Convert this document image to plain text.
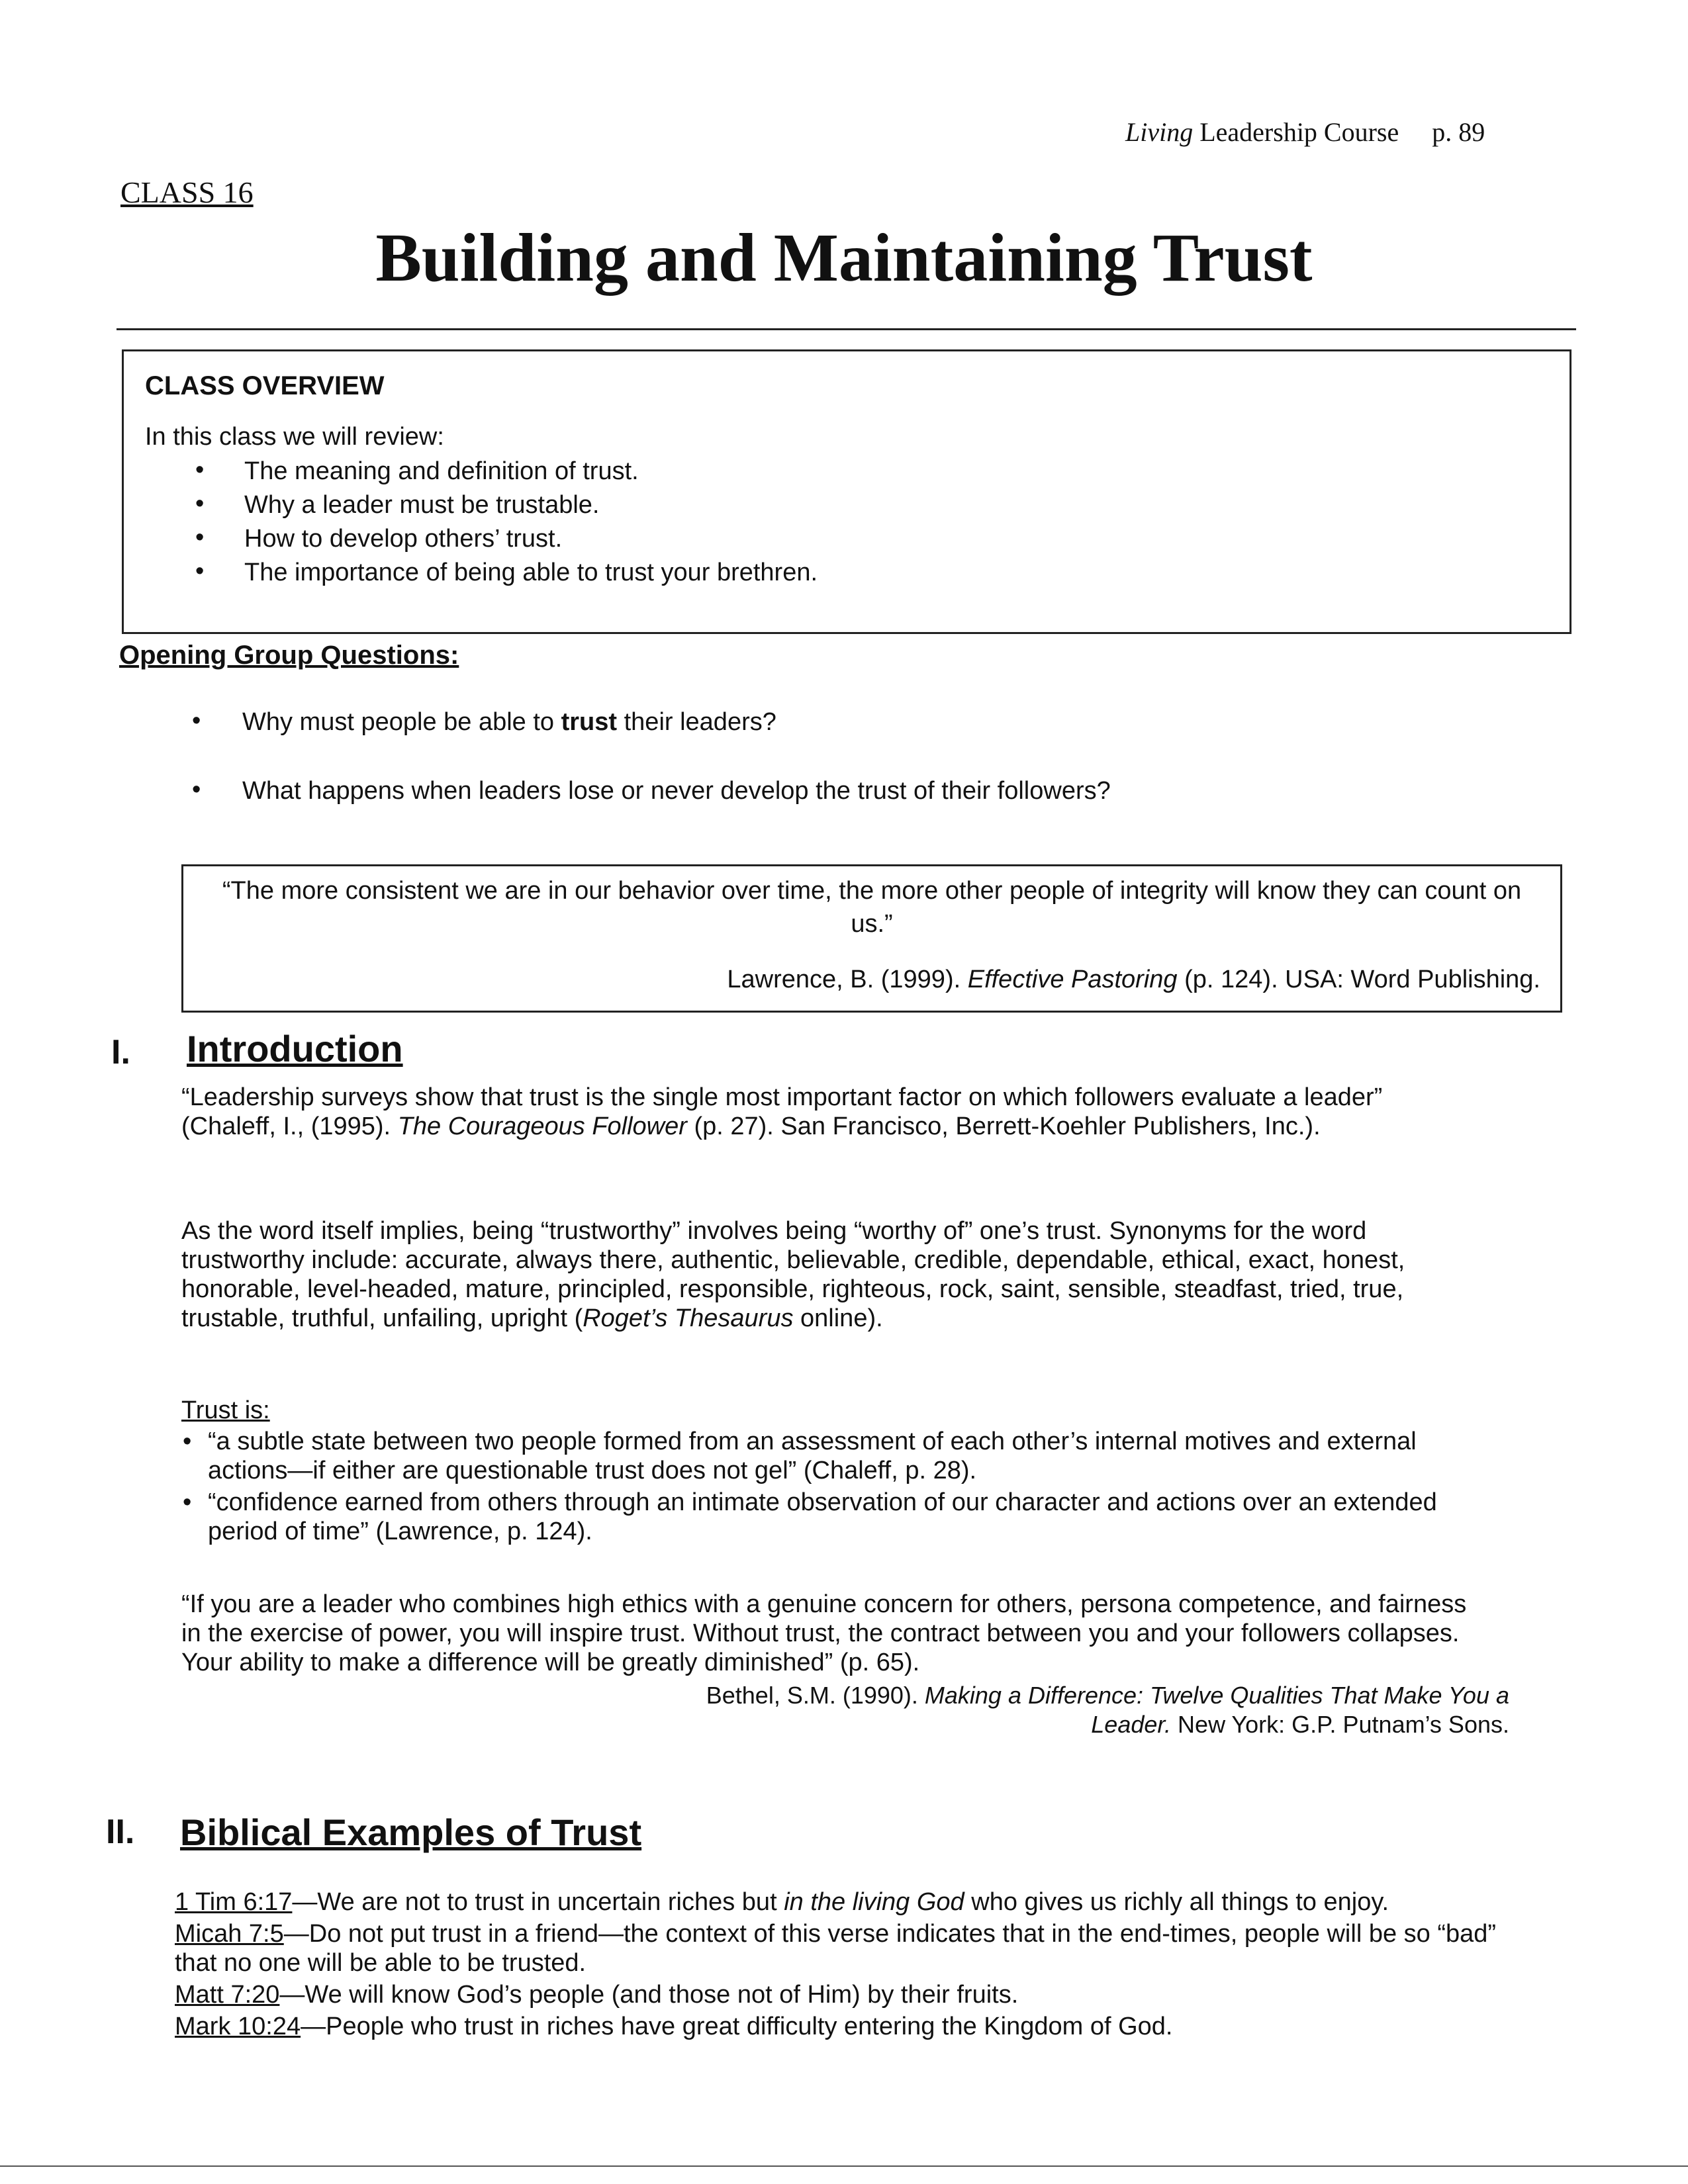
Living Leadership Course p. 89
CLASS 16
Building and Maintaining Trust
CLASS OVERVIEW
In this class we will review:
• The meaning and definition of trust.
• Why a leader must be trustable.
• How to develop others’ trust.
• The importance of being able to trust your brethren.
Opening Group Questions:
• Why must people be able to trust their leaders?
• What happens when leaders lose or never develop the trust of their followers?
“The more consistent we are in our behavior over time, the more other people of integrity will know they can count on us.”
Lawrence, B. (1999). Effective Pastoring (p. 124). USA: Word Publishing.
I. Introduction
“Leadership surveys show that trust is the single most important factor on which followers evaluate a leader” (Chaleff, I., (1995). The Courageous Follower (p. 27). San Francisco, Berrett-Koehler Publishers, Inc.).
As the word itself implies, being “trustworthy” involves being “worthy of” one’s trust. Synonyms for the word trustworthy include: accurate, always there, authentic, believable, credible, dependable, ethical, exact, honest, honorable, level-headed, mature, principled, responsible, righteous, rock, saint, sensible, steadfast, tried, true, trustable, truthful, unfailing, upright (Roget’s Thesaurus online).
Trust is:
• “a subtle state between two people formed from an assessment of each other’s internal motives and external actions—if either are questionable trust does not gel” (Chaleff, p. 28).
• “confidence earned from others through an intimate observation of our character and actions over an extended period of time” (Lawrence, p. 124).
“If you are a leader who combines high ethics with a genuine concern for others, persona competence, and fairness in the exercise of power, you will inspire trust. Without trust, the contract between you and your followers collapses. Your ability to make a difference will be greatly diminished” (p. 65).
Bethel, S.M. (1990). Making a Difference: Twelve Qualities That Make You a Leader. New York: G.P. Putnam’s Sons.
II. Biblical Examples of Trust
1 Tim 6:17—We are not to trust in uncertain riches but in the living God who gives us richly all things to enjoy.
Micah 7:5—Do not put trust in a friend—the context of this verse indicates that in the end-times, people will be so “bad” that no one will be able to be trusted.
Matt 7:20—We will know God’s people (and those not of Him) by their fruits.
Mark 10:24—People who trust in riches have great difficulty entering the Kingdom of God.
